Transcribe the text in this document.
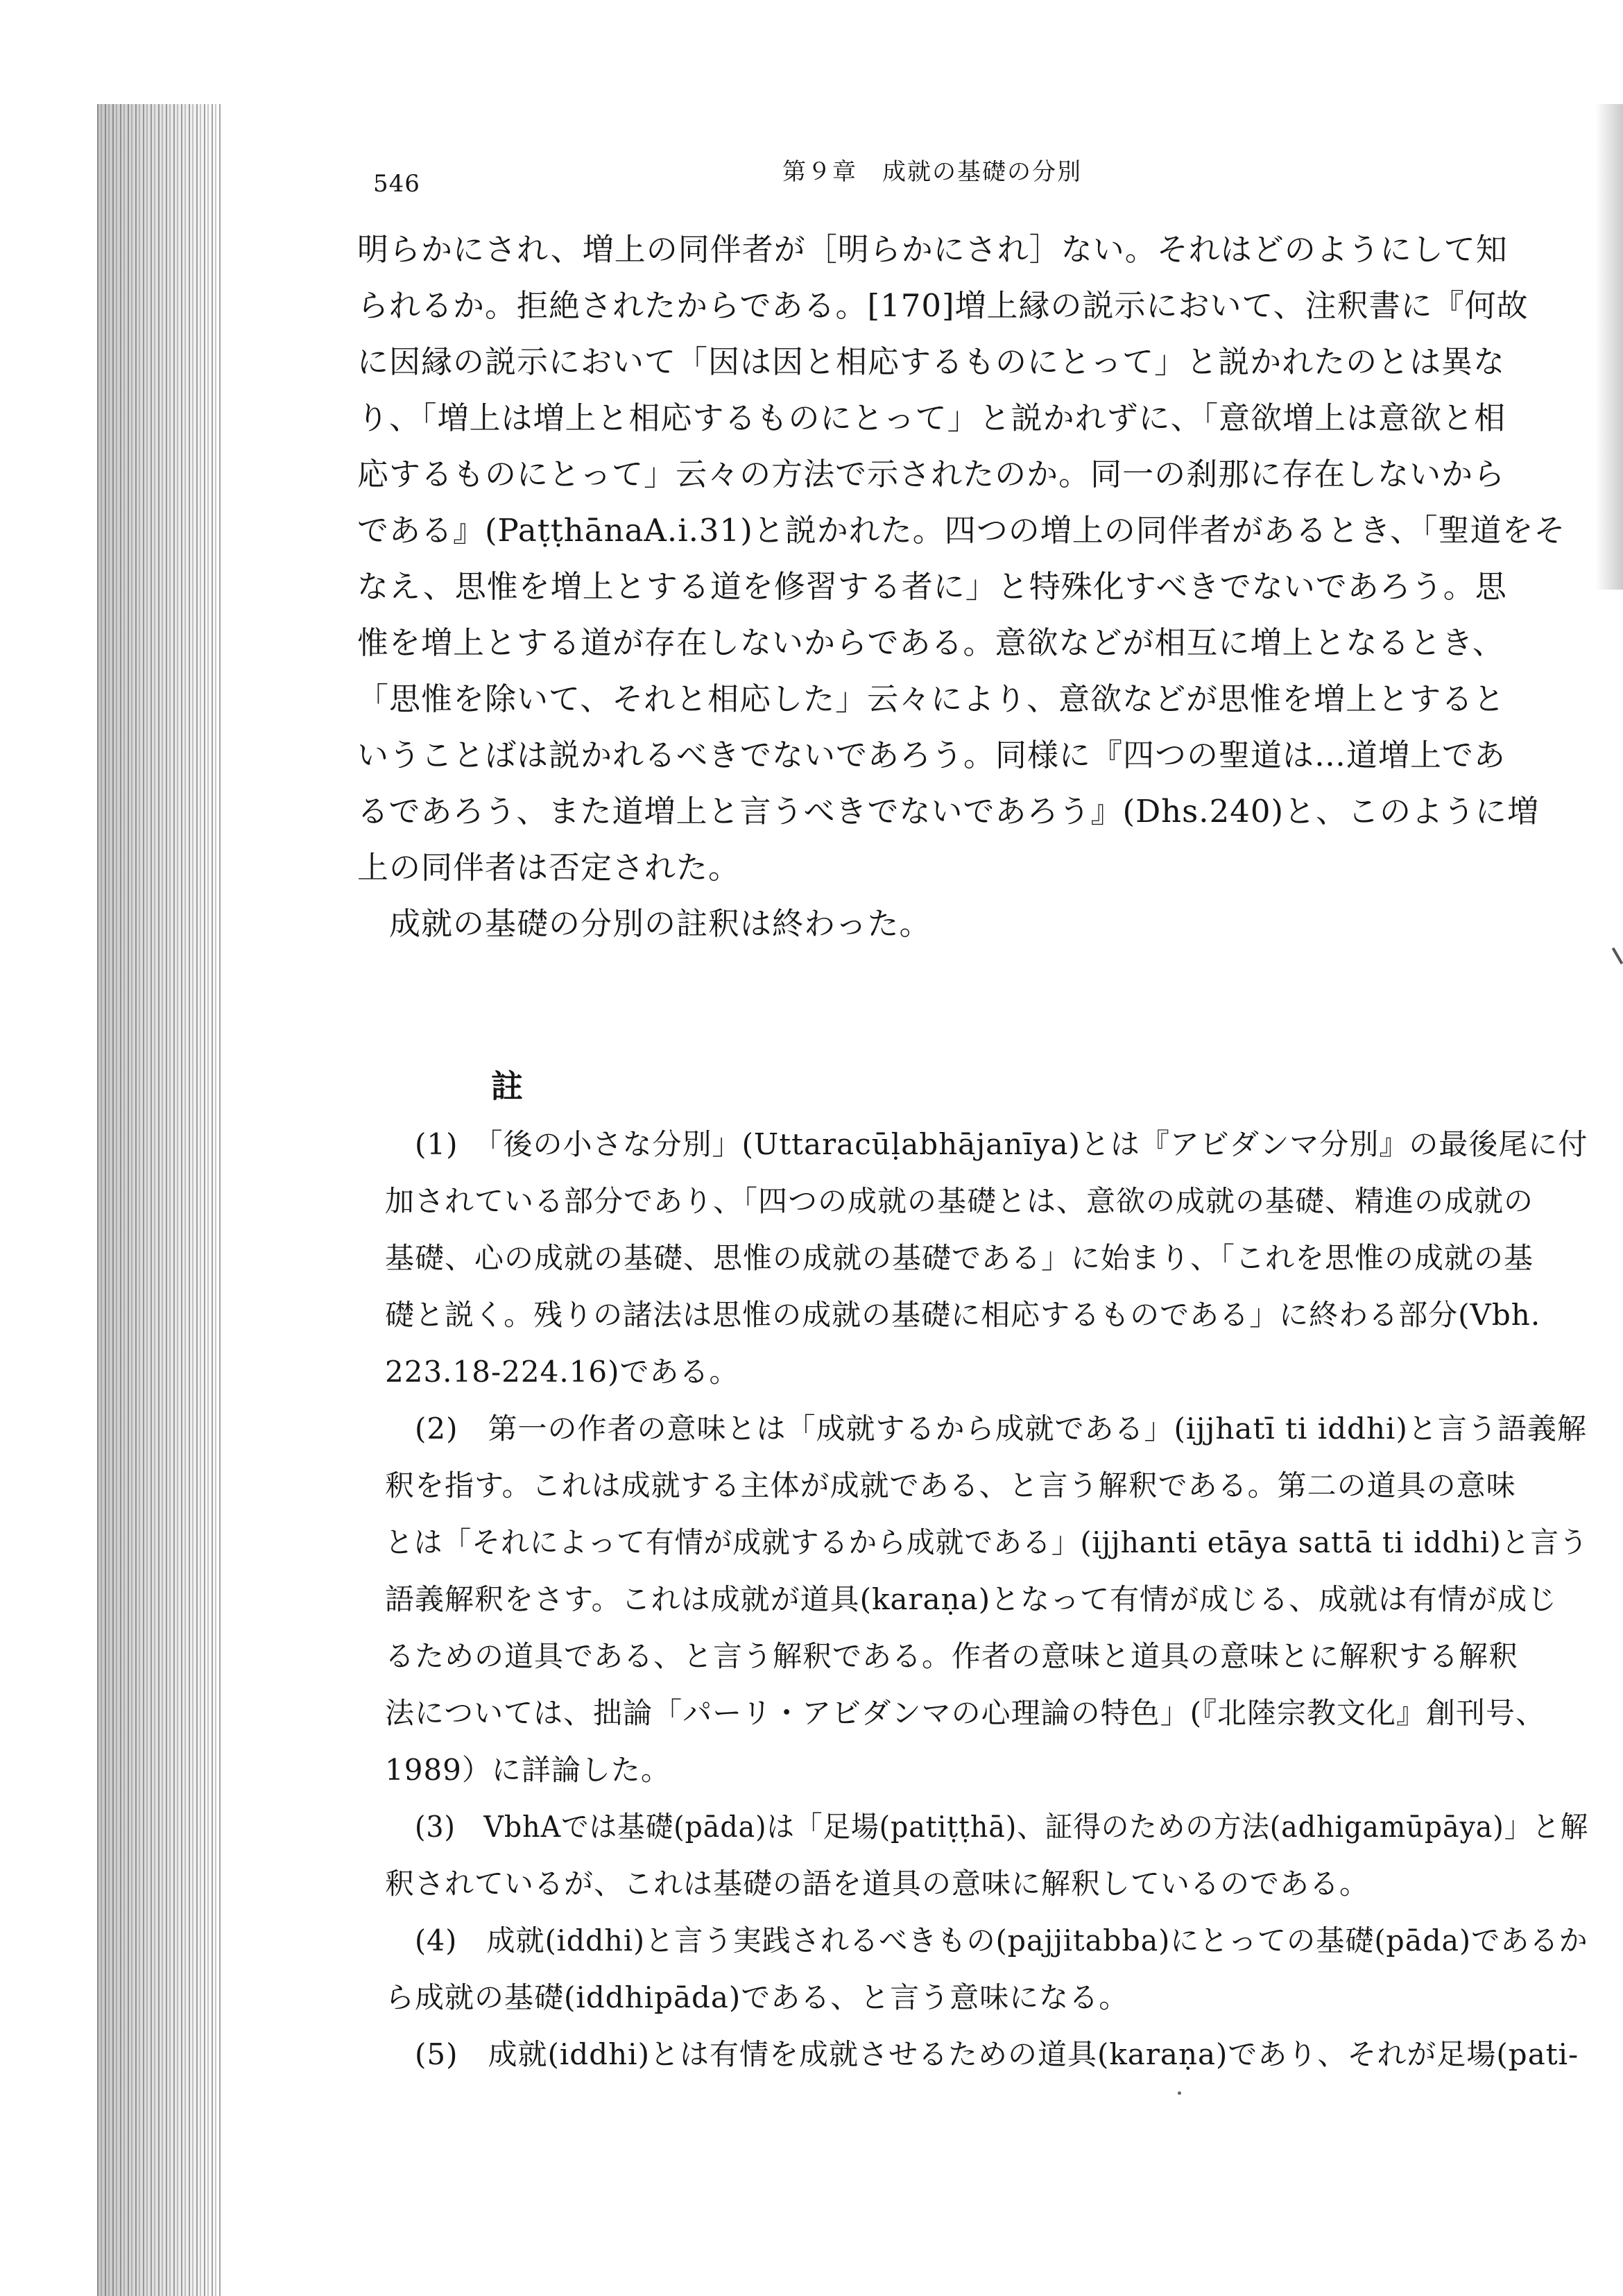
546	第９章　成就の基礎の分別
明らかにされ、増上の同伴者が［明らかにされ］ない。それはどのようにして知
られるか。拒絶されたからである。[170]増上縁の説示において、注釈書に『何故
に因縁の説示において「因は因と相応するものにとって」と説かれたのとは異な
り、「増上は増上と相応するものにとって」と説かれずに、「意欲増上は意欲と相
応するものにとって」云々の方法で示されたのか。同一の刹那に存在しないから
である』(PaṭṭhānaA.i.31)と説かれた。四つの増上の同伴者があるとき、「聖道をそ
なえ、思惟を増上とする道を修習する者に」と特殊化すべきでないであろう。思
惟を増上とする道が存在しないからである。意欲などが相互に増上となるとき、
「思惟を除いて、それと相応した」云々により、意欲などが思惟を増上とすると
いうことばは説かれるべきでないであろう。同様に『四つの聖道は…道増上であ
るであろう、また道増上と言うべきでないであろう』(Dhs.240)と、このように増
上の同伴者は否定された。
　成就の基礎の分別の註釈は終わった。
註
(1)　「後の小さな分別」(Uttaracūḷabhājanīya)とは『アビダンマ分別』の最後尾に付
加されている部分であり、「四つの成就の基礎とは、意欲の成就の基礎、精進の成就の
基礎、心の成就の基礎、思惟の成就の基礎である」に始まり、「これを思惟の成就の基
礎と説く。残りの諸法は思惟の成就の基礎に相応するものである」に終わる部分(Vbh.
223.18-224.16)である。
(2)　第一の作者の意味とは「成就するから成就である」(ijjhatī ti iddhi)と言う語義解
釈を指す。これは成就する主体が成就である、と言う解釈である。第二の道具の意味
とは「それによって有情が成就するから成就である」(ijjhanti etāya sattā ti iddhi)と言う
語義解釈をさす。これは成就が道具(karaṇa)となって有情が成じる、成就は有情が成じ
るための道具である、と言う解釈である。作者の意味と道具の意味とに解釈する解釈
法については、拙論「パーリ・アビダンマの心理論の特色」(『北陸宗教文化』創刊号、
1989）に詳論した。
(3)　VbhAでは基礎(pāda)は「足場(patiṭṭhā)、証得のための方法(adhigamūpāya)」と解
釈されているが、これは基礎の語を道具の意味に解釈しているのである。
(4)　成就(iddhi)と言う実践されるべきもの(pajjitabba)にとっての基礎(pāda)であるか
ら成就の基礎(iddhipāda)である、と言う意味になる。
(5)　成就(iddhi)とは有情を成就させるための道具(karaṇa)であり、それが足場(pati-
